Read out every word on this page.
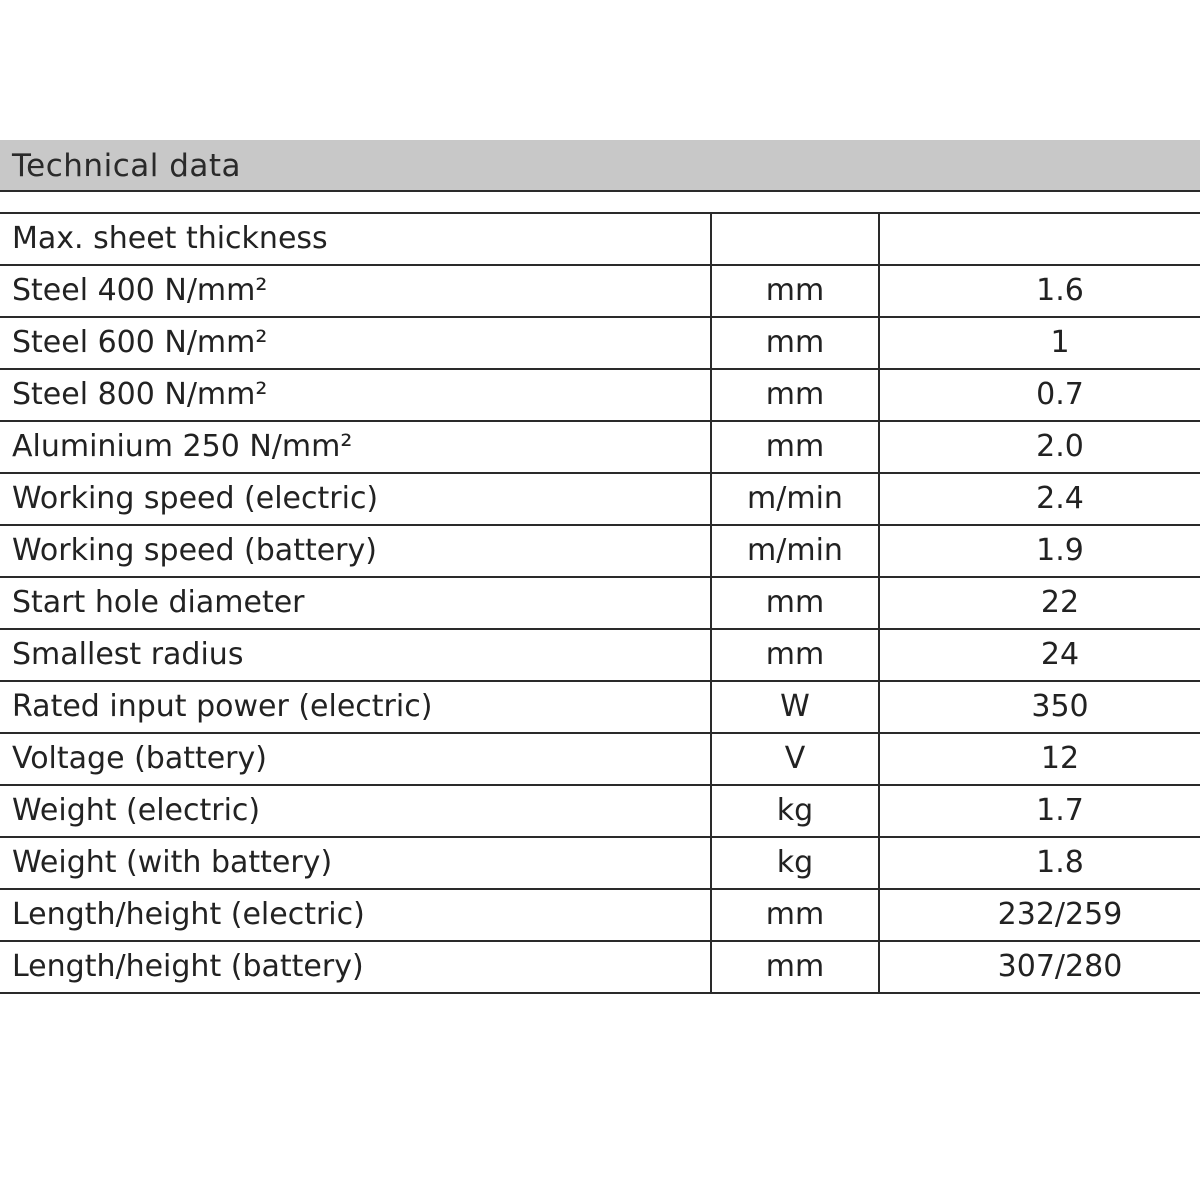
Technical data
Max. sheet thickness		
Steel 400 N/mm²	mm	1.6
Steel 600 N/mm²	mm	1
Steel 800 N/mm²	mm	0.7
Aluminium 250 N/mm²	mm	2.0
Working speed (electric)	m/min	2.4
Working speed (battery)	m/min	1.9
Start hole diameter	mm	22
Smallest radius	mm	24
Rated input power (electric)	W	350
Voltage (battery)	V	12
Weight (electric)	kg	1.7
Weight (with battery)	kg	1.8
Length/height (electric)	mm	232/259
Length/height (battery)	mm	307/280
